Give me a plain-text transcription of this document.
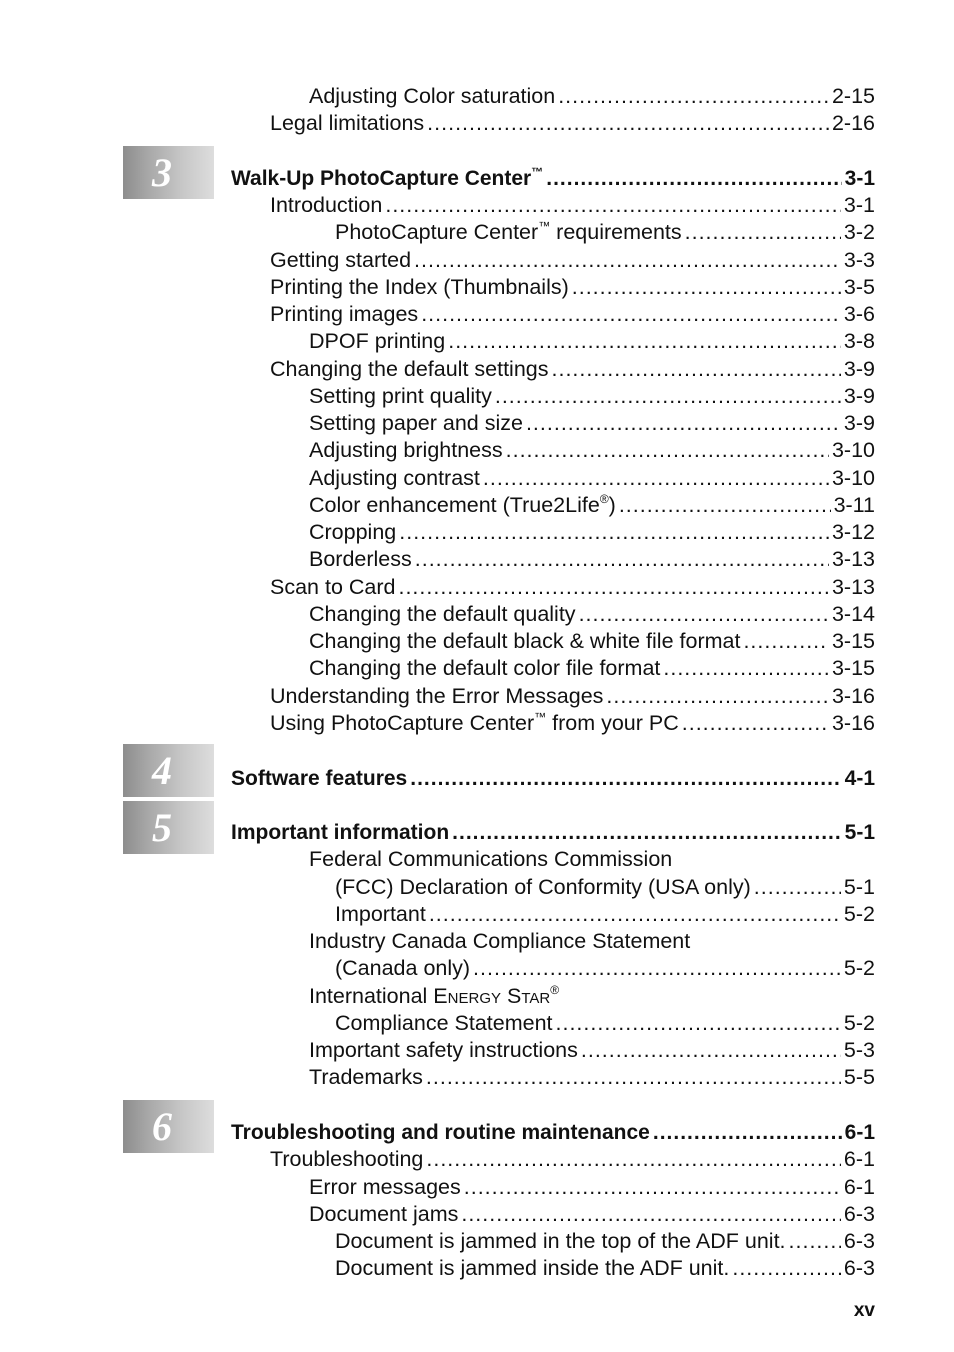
3
4
5
6
Adjusting Color saturation .....	2-15
Legal limitations .....	2-16
Walk-Up PhotoCapture Center™ .....	3-1
Introduction .....	3-1
PhotoCapture Center™ requirements .....	3-2
Getting started .....	3-3
Printing the Index (Thumbnails) .....	3-5
Printing images .....	3-6
DPOF printing .....	3-8
Changing the default settings .....	3-9
Setting print quality .....	3-9
Setting paper and size .....	3-9
Adjusting brightness .....	3-10
Adjusting contrast .....	3-10
Color enhancement (True2Life®) .....	3-11
Cropping .....	3-12
Borderless .....	3-13
Scan to Card .....	3-13
Changing the default quality .....	3-14
Changing the default black & white file format .....	3-15
Changing the default color file format .....	3-15
Understanding the Error Messages .....	3-16
Using PhotoCapture Center™ from your PC .....	3-16
Software features .....	4-1
Important information .....	5-1
Federal Communications Commission
(FCC) Declaration of Conformity (USA only) .....	5-1
Important .....	5-2
Industry Canada Compliance Statement
(Canada only) .....	5-2
International ENERGY STAR®
Compliance Statement .....	5-2
Important safety instructions .....	5-3
Trademarks .....	5-5
Troubleshooting and routine maintenance .....	6-1
Troubleshooting .....	6-1
Error messages .....	6-1
Document jams .....	6-3
Document is jammed in the top of the ADF unit. .....	6-3
Document is jammed inside the ADF unit. .....	6-3
xv
